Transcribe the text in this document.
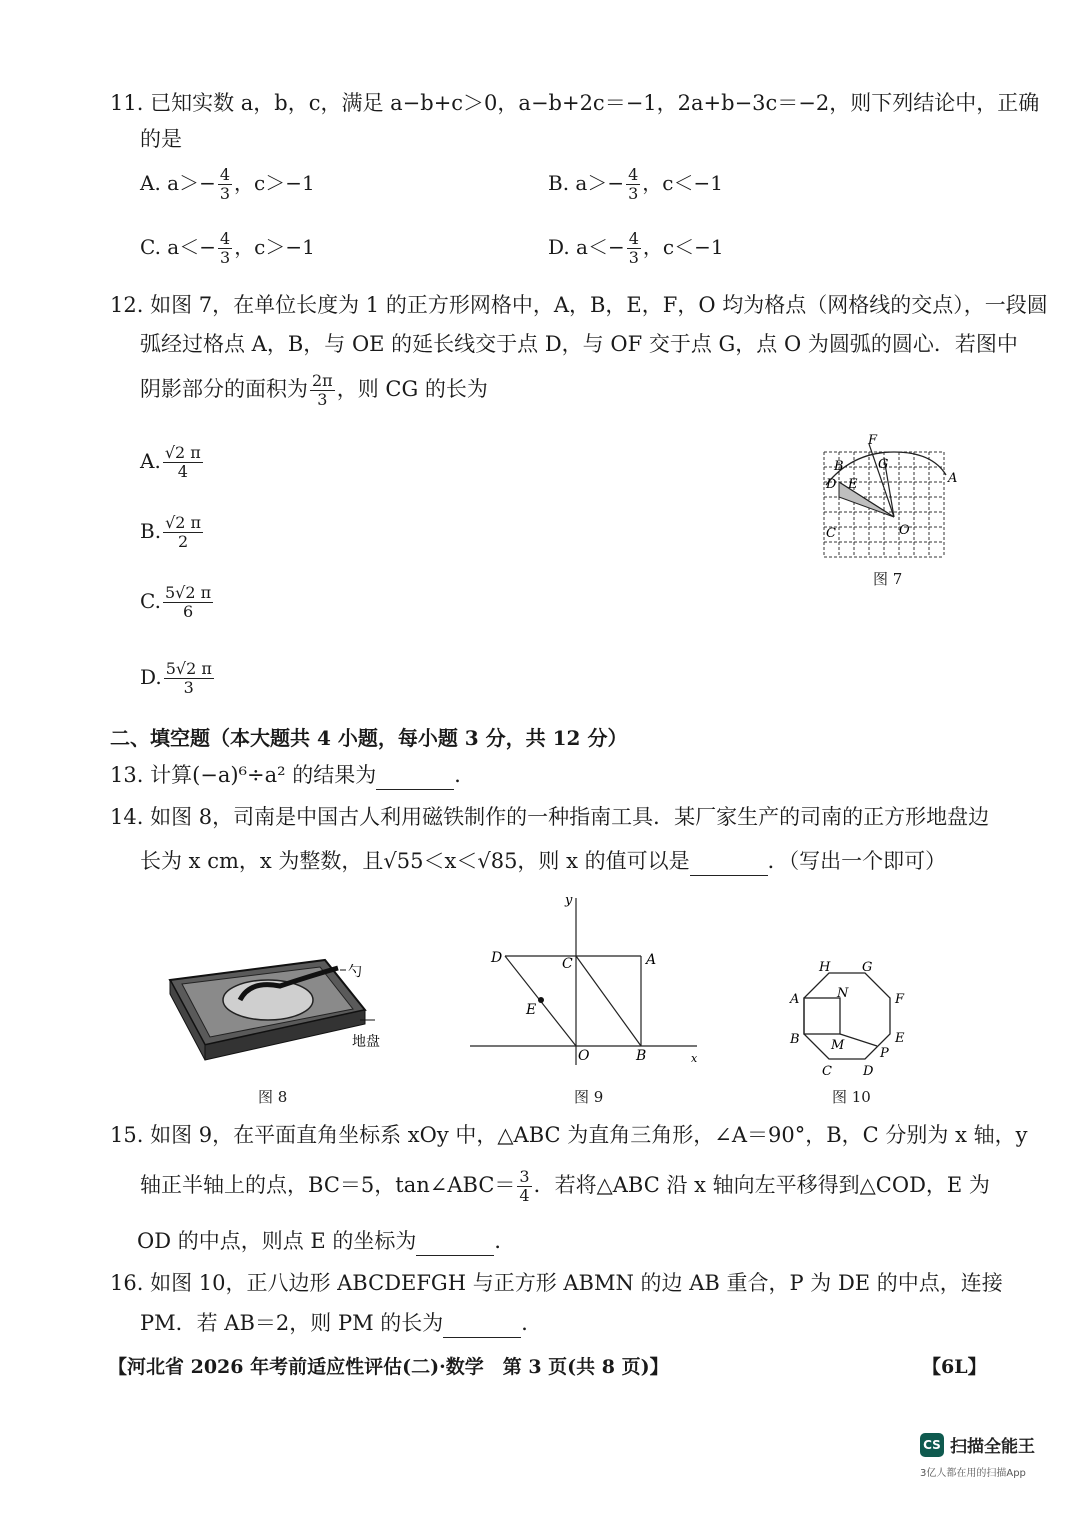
11. 已知实数 a，b，c，满足 a−b+c＞0，a−b+2c＝−1，2a+b−3c＝−2，则下列结论中，正确
的是
A. $a>- \frac{4}{3}$ ，c＞−1	B. $a>- \frac{4}{3}$ ，c＜−1
C. $a<- \frac{4}{3}$ ，c＞−1	D. $a<- \frac{4}{3}$ ，c＜−1
12. 如图 7，在单位长度为 1 的正方形网格中，A，B，E，F，O 均为格点（网格线的交点），一段圆
弧经过格点 A，B，与 OE 的延长线交于点 D，与 OF 交于点 G，点 O 为圆弧的圆心．若图中
阴影部分的面积为 $\frac{2\pi}{3}$ ，则 CG 的长为
A. $\frac{√2 \pi}{4}$
B. $\frac{√2 \pi}{2}$
C. $\frac{5√2 \pi}{6}$
D. $\frac{5√2 \pi}{3}$
F
B	G
D E	A
C	O
图 7
二、填空题（本大题共 4 小题，每小题 3 分，共 12 分）
13. 计算(−a)⁶÷a² 的结果为	．
14. 如图 8，司南是中国古人利用磁铁制作的一种指南工具．某厂家生产的司南的正方形地盘边
长为 x cm，x 为整数，且√55＜x＜√85，则 x 的值可以是	．（写出一个即可）
勺
地盘
图 8
y
x
D	C	A
E
O	B
图 9
H G
A	N	F
B M	E
P
C D
图 10
15. 如图 9，在平面直角坐标系 xOy 中，△ABC 为直角三角形，∠A＝90°，B，C 分别为 x 轴，y
轴正半轴上的点，BC＝5，tan∠ABC＝ $\frac{3}{4}$ ．若将△ABC 沿 x 轴向左平移得到△COD，E 为
OD 的中点，则点 E 的坐标为	．
16. 如图 10，正八边形 ABCDEFGH 与正方形 ABMN 的边 AB 重合，P 为 DE 的中点，连接
PM．若 AB＝2，则 PM 的长为	．
【河北省 2026 年考前适应性评估(二)·数学　第 3 页(共 8 页)】	【6L】
CS 扫描全能王
3亿人都在用的扫描App
